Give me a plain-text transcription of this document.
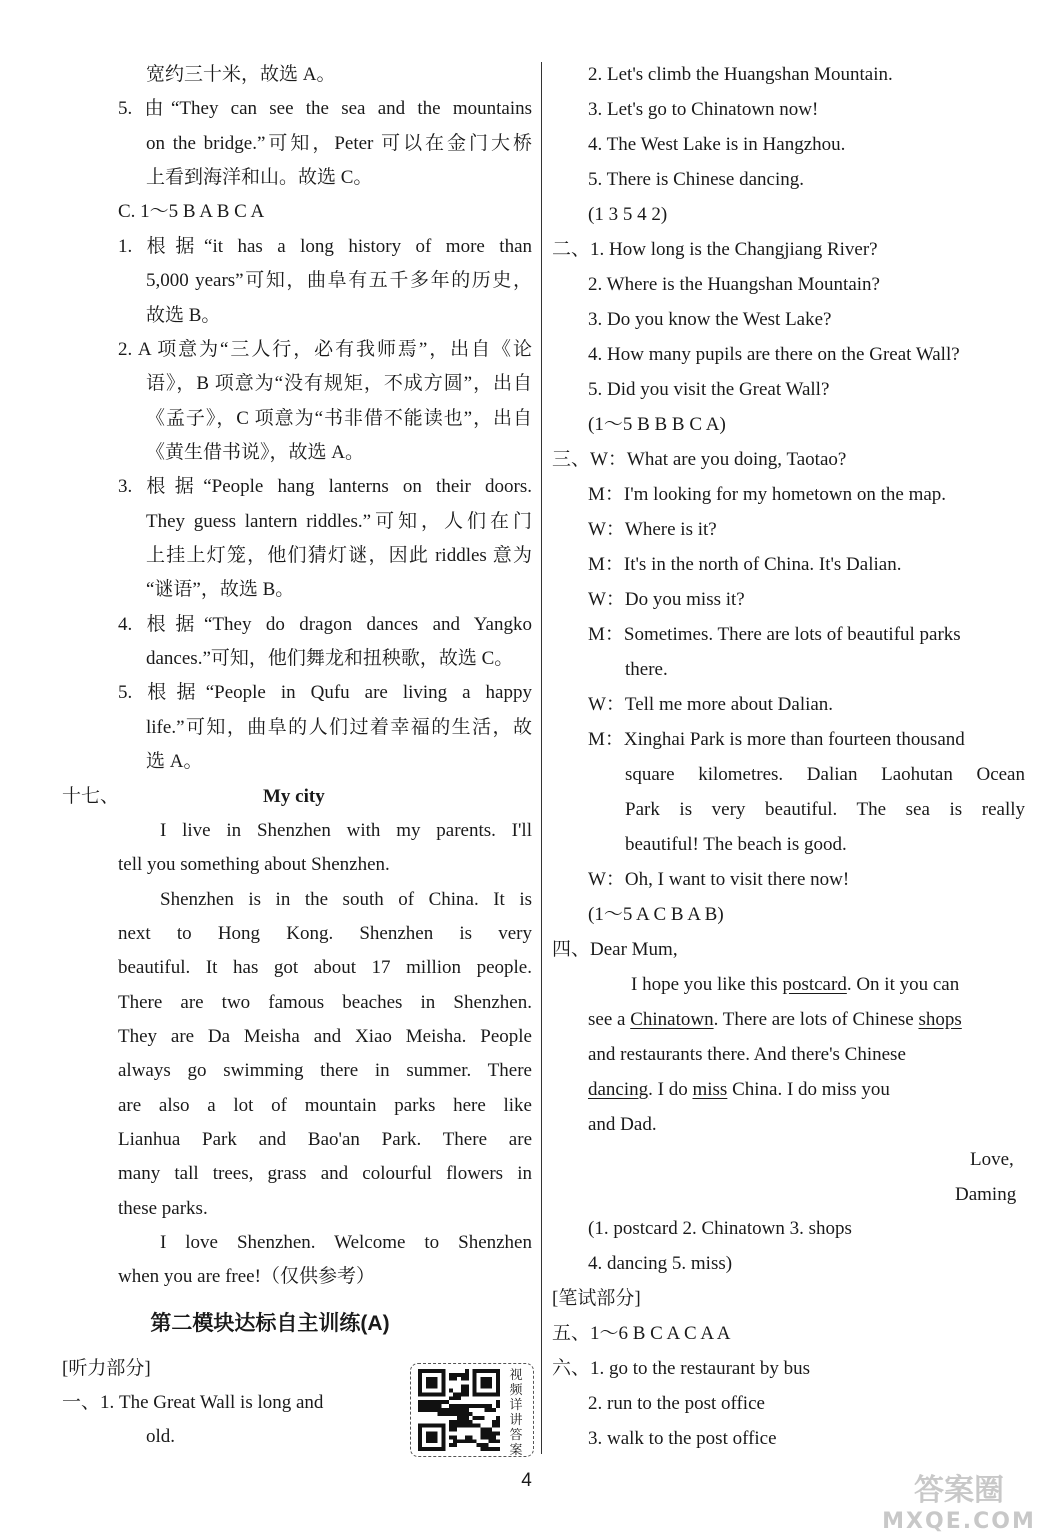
My city
第二模块达标自主训练(A)
视频详讲答案
宽约三十米，故选 A。
5. 由“They can see the sea and the mountains
on the bridge.”可知，Peter 可以在金门大桥
上看到海洋和山。故选 C。
C. 1～5 B A B C A
1. 根据“it has a long history of more than
5,000 years”可知，曲阜有五千多年的历史，
故选 B。
2. A 项意为“三人行，必有我师焉”，出自《论
语》，B 项意为“没有规矩，不成方圆”，出自
《孟子》，C 项意为“书非借不能读也”，出自
《黄生借书说》，故选 A。
3. 根据“People hang lanterns on their doors.
They guess lantern riddles.”可知，人们在门
上挂上灯笼，他们猜灯谜，因此 riddles 意为
“谜语”，故选 B。
4. 根据“They do dragon dances and Yangko
dances.”可知，他们舞龙和扭秧歌，故选 C。
5. 根据“People in Qufu are living a happy
life.”可知，曲阜的人们过着幸福的生活，故
选 A。
十七、
I live in Shenzhen with my parents. I'll
tell you something about Shenzhen.
Shenzhen is in the south of China. It is
next to Hong Kong. Shenzhen is very
beautiful. It has got about 17 million people.
There are two famous beaches in Shenzhen.
They are Da Meisha and Xiao Meisha. People
always go swimming there in summer. There
are also a lot of mountain parks here like
Lianhua Park and Bao'an Park. There are
many tall trees, grass and colourful flowers in
these parks.
I love Shenzhen. Welcome to Shenzhen
when you are free!（仅供参考）
[听力部分]
一、1. The Great Wall is long and
old.
I hope you like this postcard. On it you can
see a Chinatown. There are lots of Chinese shops
and restaurants there. And there's Chinese
dancing. I do miss China. I do miss you
and Dad.
Love,
Daming
2. Let's climb the Huangshan Mountain.
3. Let's go to Chinatown now!
4. The West Lake is in Hangzhou.
5. There is Chinese dancing.
(1 3 5 4 2)
二、1. How long is the Changjiang River?
2. Where is the Huangshan Mountain?
3. Do you know the West Lake?
4. How many pupils are there on the Great Wall?
5. Did you visit the Great Wall?
(1～5 B B B C A)
三、W：What are you doing, Taotao?
M：I'm looking for my hometown on the map.
W：Where is it?
M：It's in the north of China. It's Dalian.
W：Do you miss it?
M：Sometimes. There are lots of beautiful parks
there.
W：Tell me more about Dalian.
M：Xinghai Park is more than fourteen thousand
square kilometres. Dalian Laohutan Ocean
Park is very beautiful. The sea is really
beautiful! The beach is good.
W：Oh, I want to visit there now!
(1～5 A C B A B)
四、Dear Mum,
(1. postcard 2. Chinatown 3. shops
4. dancing 5. miss)
[笔试部分]
五、1～6 B C A C A A
六、1. go to the restaurant by bus
2. run to the post office
3. walk to the post office
4	答案圈
MXQE.COM
